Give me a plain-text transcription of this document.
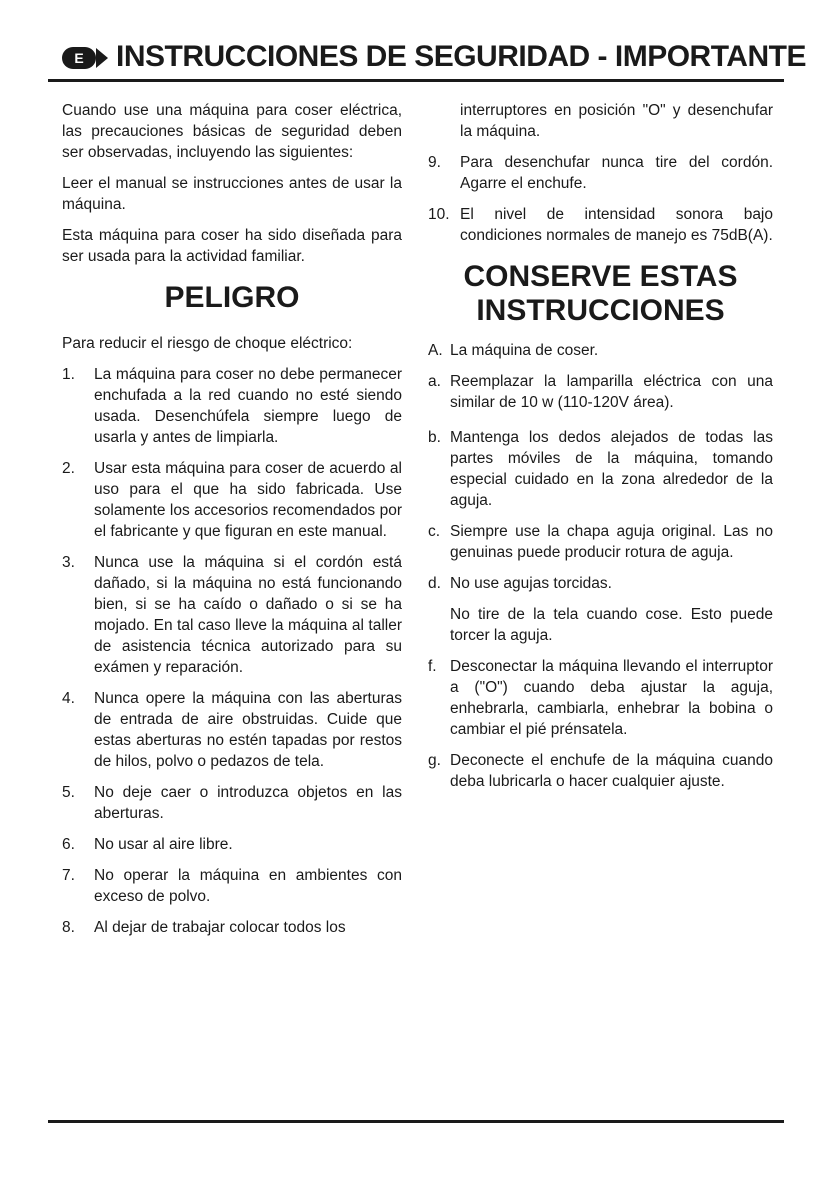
E	INSTRUCCIONES DE SEGURIDAD - IMPORTANTE

Cuando use una máquina para coser eléctrica, las precauciones básicas de seguridad deben ser observadas, incluyendo las siguientes:

Leer el manual se instrucciones antes de usar la máquina.

Esta máquina para coser ha sido diseñada para ser usada para la actividad familiar.

PELIGRO

Para reducir el riesgo de choque eléctrico:

1.	La máquina para coser no debe permanecer enchufada a la red cuando no esté siendo usada. Desenchúfela siempre luego de usarla y antes de limpiarla.
2.	Usar esta máquina para coser de acuerdo al uso para el que ha sido fabricada. Use solamente los accesorios recomendados por el fabricante y que figuran en este manual.
3.	Nunca use la máquina si el cordón está dañado, si la máquina no está funcionando bien, si se ha caído o dañado o si se ha mojado. En tal caso lleve la máquina al taller de asistencia técnica autorizado para su exámen y reparación.
4.	Nunca opere la máquina con las aberturas de entrada de aire obstruidas. Cuide que estas aberturas no estén tapadas por restos de hilos, polvo o pedazos de tela.
5.	No deje caer o introduzca objetos en las aberturas.
6.	No usar al aire libre.
7.	No operar la máquina en ambientes con exceso de polvo.
8.	Al dejar de trabajar colocar todos los

interruptores en posición "O" y desenchufar la máquina.

9.	Para desenchufar nunca tire del cordón. Agarre el enchufe.
10. El nivel de intensidad sonora bajo condiciones normales de manejo es 75dB(A).
CONSERVE ESTAS
INSTRUCCIONES
A. La máquina de coser.
a. Reemplazar la lamparilla eléctrica con una similar de 10 w (110-120V área).
b. Mantenga los dedos alejados de todas las partes móviles de la máquina, tomando especial cuidado en la zona alrededor de la aguja.
c. Siempre use la chapa aguja original. Las no genuinas puede producir rotura de aguja.
d. No use agujas torcidas.
No tire de la tela cuando cose. Esto puede torcer la aguja.
f. Desconectar la máquina llevando el interruptor a ("O") cuando deba ajustar la aguja, enhebrarla, cambiarla, enhebrar la bobina o cambiar el pié prénsatela.
g. Deconecte el enchufe de la máquina cuando deba lubricarla o hacer cualquier ajuste.
